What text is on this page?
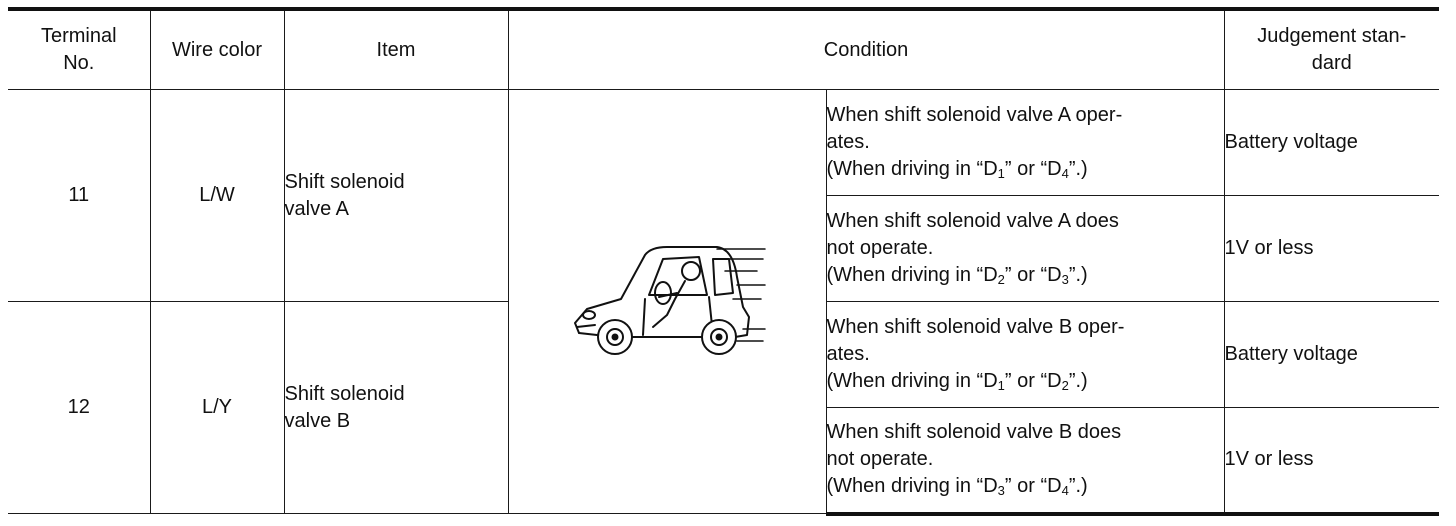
Terminal No.	Wire color	Item	Condition		Judgement stan-dard
11	L/W	Shift solenoid valve A		When shift solenoid valve A oper-
ates.
(When driving in “$D_1$” or “$D_4$”.)	Battery voltage

				When shift solenoid valve A does
not operate.
(When driving in “$D_2$” or “$D_3$”.)	1V or less
12	L/Y	Shift solenoid valve B		When shift solenoid valve B oper-
ates.
(When driving in “$D_1$” or “$D_2$”.)	Battery voltage

				When shift solenoid valve B does
not operate.
(When driving in “$D_3$” or “$D_4$”.)	1V or less
